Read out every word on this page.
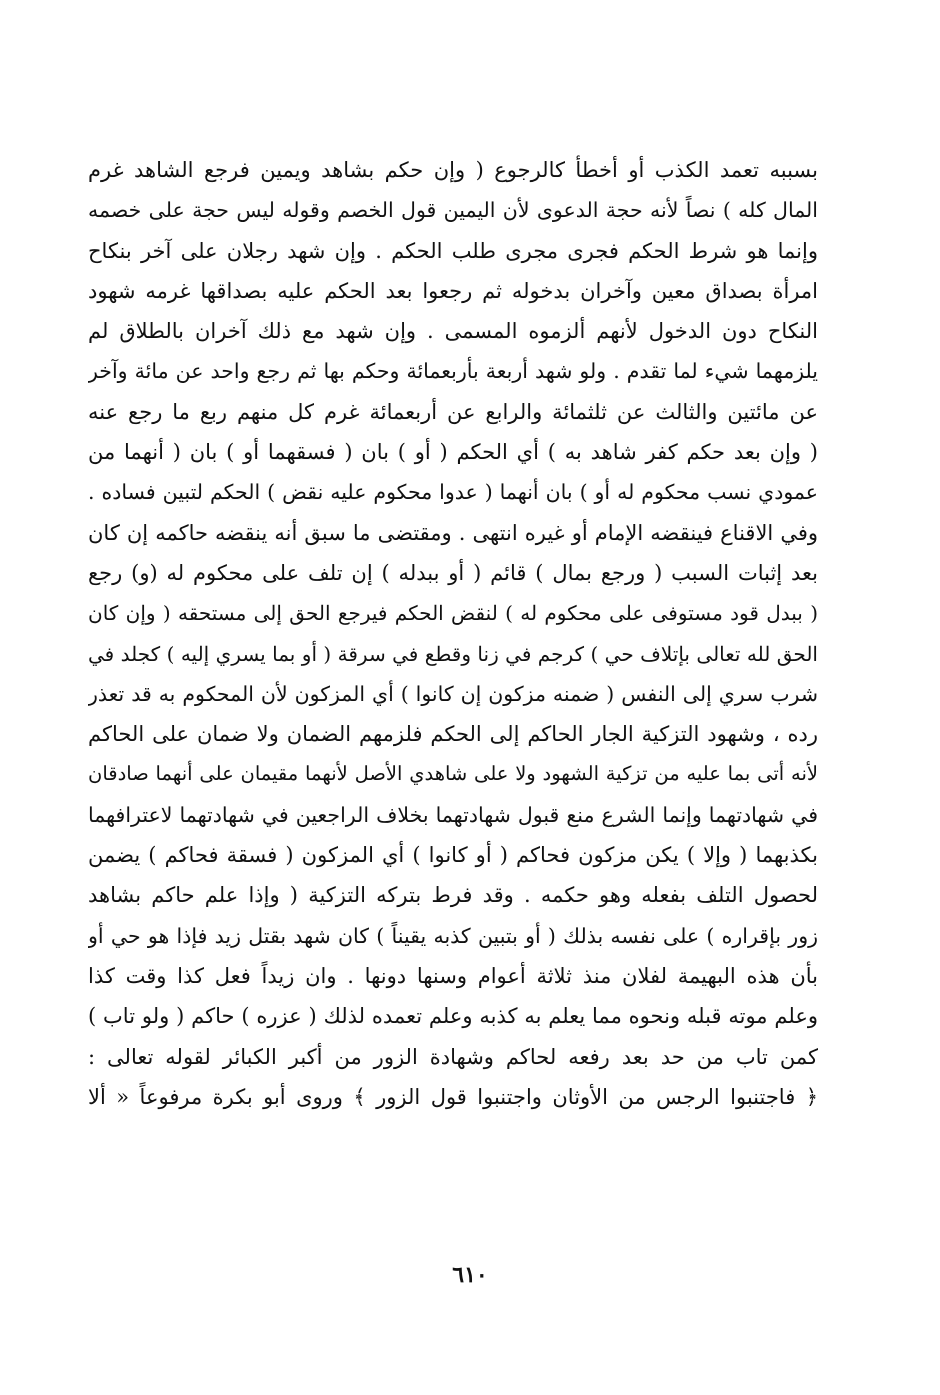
بسببه تعمد الكذب أو أخطأ كالرجوع ( وإن حكم بشاهد ويمين فرجع الشاهد غرم
المال كله ) نصاً لأنه حجة الدعوى لأن اليمين قول الخصم وقوله ليس حجة على خصمه
وإنما هو شرط الحكم فجرى مجرى طلب الحكم . وإن شهد رجلان على آخر بنكاح
امرأة بصداق معين وآخران بدخوله ثم رجعوا بعد الحكم عليه بصداقها غرمه شهود
النكاح دون الدخول لأنهم ألزموه المسمى . وإن شهد مع ذلك آخران بالطلاق لم
يلزمهما شيء لما تقدم . ولو شهد أربعة بأربعمائة وحكم بها ثم رجع واحد عن مائة وآخر
عن مائتين والثالث عن ثلثمائة والرابع عن أربعمائة غرم كل منهم ربع ما رجع عنه
( وإن بعد حكم كفر شاهد به ) أي الحكم ( أو ) بان ( فسقهما أو ) بان ( أنهما من
عمودي نسب محكوم له أو ) بان أنهما ( عدوا محكوم عليه نقض ) الحكم لتبين فساده .
وفي الاقناع فينقضه الإمام أو غيره انتهى . ومقتضى ما سبق أنه ينقضه حاكمه إن كان
بعد إثبات السبب ( ورجع بمال ) قائم ( أو ببدله ) إن تلف على محكوم له (و) رجع
( ببدل قود مستوفى على محكوم له ) لنقض الحكم فيرجع الحق إلى مستحقه ( وإن كان
الحق لله تعالى بإتلاف حي ) كرجم في زنا وقطع في سرقة ( أو بما يسري إليه ) كجلد في
شرب سري إلى النفس ( ضمنه مزكون إن كانوا ) أي المزكون لأن المحكوم به قد تعذر
رده ، وشهود التزكية الجار الحاكم إلى الحكم فلزمهم الضمان ولا ضمان على الحاكم
لأنه أتى بما عليه من تزكية الشهود ولا على شاهدي الأصل لأنهما مقيمان على أنهما صادقان
في شهادتهما وإنما الشرع منع قبول شهادتهما بخلاف الراجعين في شهادتهما لاعترافهما
بكذبهما ( وإلا ) يكن مزكون فحاكم ( أو كانوا ) أي المزكون ( فسقة فحاكم ) يضمن
لحصول التلف بفعله وهو حكمه . وقد فرط بتركه التزكية ( وإذا علم حاكم بشاهد
زور بإقراره ) على نفسه بذلك ( أو بتبين كذبه يقيناً ) كان شهد بقتل زيد فإذا هو حي أو
بأن هذه البهيمة لفلان منذ ثلاثة أعوام وسنها دونها . وان زيداً فعل كذا وقت كذا
وعلم موته قبله ونحوه مما يعلم به كذبه وعلم تعمده لذلك ( عزره ) حاكم ( ولو تاب )
كمن تاب من حد بعد رفعه لحاكم وشهادة الزور من أكبر الكبائر لقوله تعالى :
﴿ فاجتنبوا الرجس من الأوثان واجتنبوا قول الزور ﴾ وروى أبو بكرة مرفوعاً « ألا
٦١٠
